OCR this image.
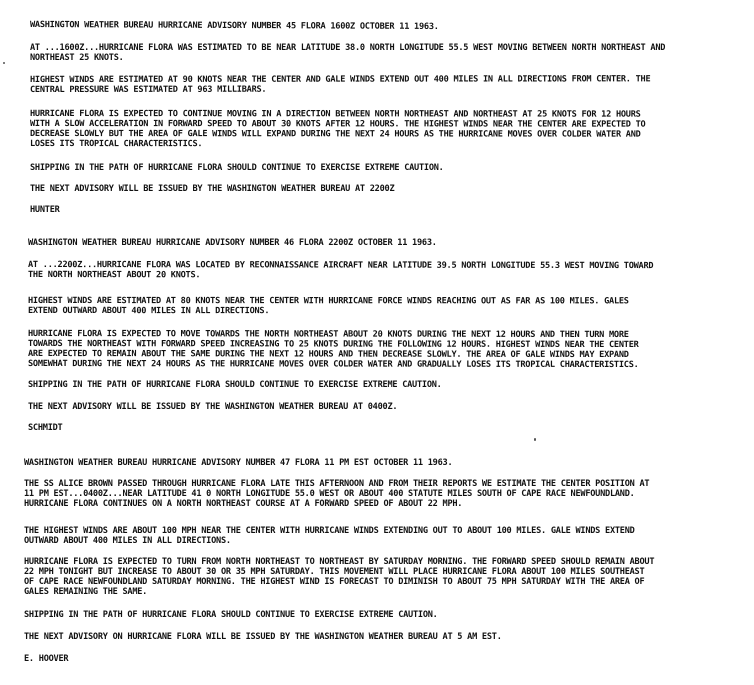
WASHINGTON WEATHER BUREAU HURRICANE ADVISORY NUMBER 45 FLORA 1600Z OCTOBER 11 1963.
AT ...1600Z...HURRICANE FLORA WAS ESTIMATED TO BE NEAR LATITUDE 38.0 NORTH LONGITUDE 55.5 WEST MOVING BETWEEN NORTH NORTHEAST AND
NORTHEAST 25 KNOTS.
HIGHEST WINDS ARE ESTIMATED AT 90 KNOTS NEAR THE CENTER AND GALE WINDS EXTEND OUT 400 MILES IN ALL DIRECTIONS FROM CENTER. THE
CENTRAL PRESSURE WAS ESTIMATED AT 963 MILLIBARS.
HURRICANE FLORA IS EXPECTED TO CONTINUE MOVING IN A DIRECTION BETWEEN NORTH NORTHEAST AND NORTHEAST AT 25 KNOTS FOR 12 HOURS
WITH A SLOW ACCELERATION IN FORWARD SPEED TO ABOUT 30 KNOTS AFTER 12 HOURS. THE HIGHEST WINDS NEAR THE CENTER ARE EXPECTED TO
DECREASE SLOWLY BUT THE AREA OF GALE WINDS WILL EXPAND DURING THE NEXT 24 HOURS AS THE HURRICANE MOVES OVER COLDER WATER AND
LOSES ITS TROPICAL CHARACTERISTICS.
SHIPPING IN THE PATH OF HURRICANE FLORA SHOULD CONTINUE TO EXERCISE EXTREME CAUTION.
THE NEXT ADVISORY WILL BE ISSUED BY THE WASHINGTON WEATHER BUREAU AT 2200Z
HUNTER
WASHINGTON WEATHER BUREAU HURRICANE ADVISORY NUMBER 46 FLORA 2200Z OCTOBER 11 1963.
AT ...2200Z...HURRICANE FLORA WAS LOCATED BY RECONNAISSANCE AIRCRAFT NEAR LATITUDE 39.5 NORTH LONGITUDE 55.3 WEST MOVING TOWARD
THE NORTH NORTHEAST ABOUT 20 KNOTS.
HIGHEST WINDS ARE ESTIMATED AT 80 KNOTS NEAR THE CENTER WITH HURRICANE FORCE WINDS REACHING OUT AS FAR AS 100 MILES. GALES
EXTEND OUTWARD ABOUT 400 MILES IN ALL DIRECTIONS.
HURRICANE FLORA IS EXPECTED TO MOVE TOWARDS THE NORTH NORTHEAST ABOUT 20 KNOTS DURING THE NEXT 12 HOURS AND THEN TURN MORE
TOWARDS THE NORTHEAST WITH FORWARD SPEED INCREASING TO 25 KNOTS DURING THE FOLLOWING 12 HOURS. HIGHEST WINDS NEAR THE CENTER
ARE EXPECTED TO REMAIN ABOUT THE SAME DURING THE NEXT 12 HOURS AND THEN DECREASE SLOWLY. THE AREA OF GALE WINDS MAY EXPAND
SOMEWHAT DURING THE NEXT 24 HOURS AS THE HURRICANE MOVES OVER COLDER WATER AND GRADUALLY LOSES ITS TROPICAL CHARACTERISTICS.
SHIPPING IN THE PATH OF HURRICANE FLORA SHOULD CONTINUE TO EXERCISE EXTREME CAUTION.
THE NEXT ADVISORY WILL BE ISSUED BY THE WASHINGTON WEATHER BUREAU AT 0400Z.
SCHMIDT
WASHINGTON WEATHER BUREAU HURRICANE ADVISORY NUMBER 47 FLORA 11 PM EST OCTOBER 11 1963.
THE SS ALICE BROWN PASSED THROUGH HURRICANE FLORA LATE THIS AFTERNOON AND FROM THEIR REPORTS WE ESTIMATE THE CENTER POSITION AT
11 PM EST...0400Z...NEAR LATITUDE 41 0 NORTH LONGITUDE 55.0 WEST OR ABOUT 400 STATUTE MILES SOUTH OF CAPE RACE NEWFOUNDLAND.
HURRICANE FLORA CONTINUES ON A NORTH NORTHEAST COURSE AT A FORWARD SPEED OF ABOUT 22 MPH.
THE HIGHEST WINDS ARE ABOUT 100 MPH NEAR THE CENTER WITH HURRICANE WINDS EXTENDING OUT TO ABOUT 100 MILES. GALE WINDS EXTEND
OUTWARD ABOUT 400 MILES IN ALL DIRECTIONS.
HURRICANE FLORA IS EXPECTED TO TURN FROM NORTH NORTHEAST TO NORTHEAST BY SATURDAY MORNING. THE FORWARD SPEED SHOULD REMAIN ABOUT
22 MPH TONIGHT BUT INCREASE TO ABOUT 30 OR 35 MPH SATURDAY. THIS MOVEMENT WILL PLACE HURRICANE FLORA ABOUT 100 MILES SOUTHEAST
OF CAPE RACE NEWFOUNDLAND SATURDAY MORNING. THE HIGHEST WIND IS FORECAST TO DIMINISH TO ABOUT 75 MPH SATURDAY WITH THE AREA OF
GALES REMAINING THE SAME.
SHIPPING IN THE PATH OF HURRICANE FLORA SHOULD CONTINUE TO EXERCISE EXTREME CAUTION.
THE NEXT ADVISORY ON HURRICANE FLORA WILL BE ISSUED BY THE WASHINGTON WEATHER BUREAU AT 5 AM EST.
E. HOOVER
